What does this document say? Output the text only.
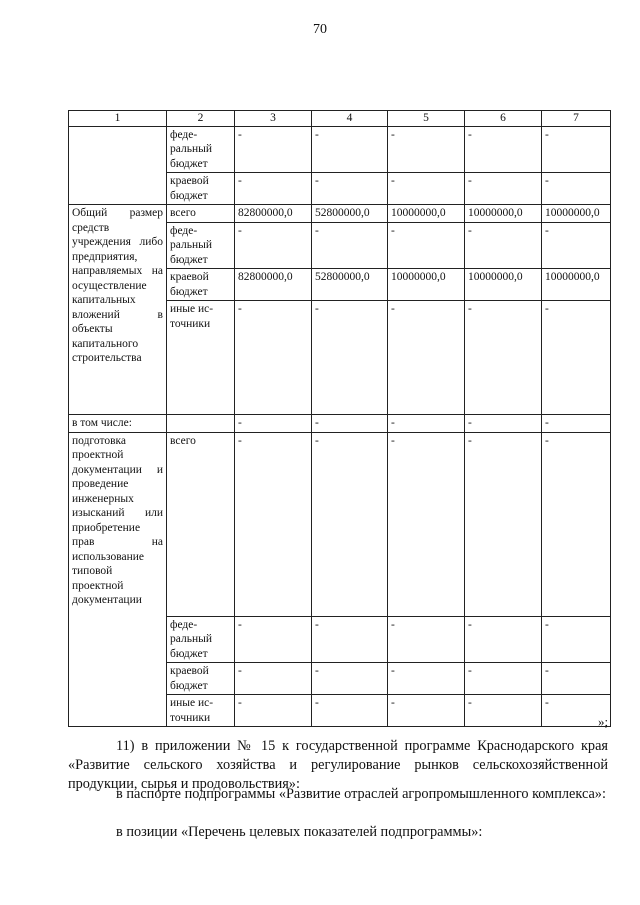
70
1	2	3	4	5	6	7
	феде-ральный бюджет	-	-	-	-	-
	краевой бюджет	-	-	-	-	-
Общий размер средств учреждения либо предприятия, направляемых на осуществление капитальных вложений в объекты капитального строительства	всего	82800000,0	52800000,0	10000000,0	10000000,0	10000000,0
	феде-ральный бюджет	-	-	-	-	-
	краевой бюджет	82800000,0	52800000,0	10000000,0	10000000,0	10000000,0
	иные ис-точники	-	-	-	-	-
в том числе:		-	-	-	-	-
подготовка проектной документации и проведение инженерных изысканий или приобретение прав на использование типовой проектной документации	всего	-	-	-	-	-
	феде-ральный бюджет	-	-	-	-	-
	краевой бюджет	-	-	-	-	-
	иные ис-точники	-	-	-	-	-
»;
11) в приложении № 15 к государственной программе Краснодарского края «Развитие сельского хозяйства и регулирование рынков сельскохозяйственной продукции, сырья и продовольствия»:
в паспорте подпрограммы «Развитие отраслей агропромышленного комплекса»:
в позиции «Перечень целевых показателей подпрограммы»:
